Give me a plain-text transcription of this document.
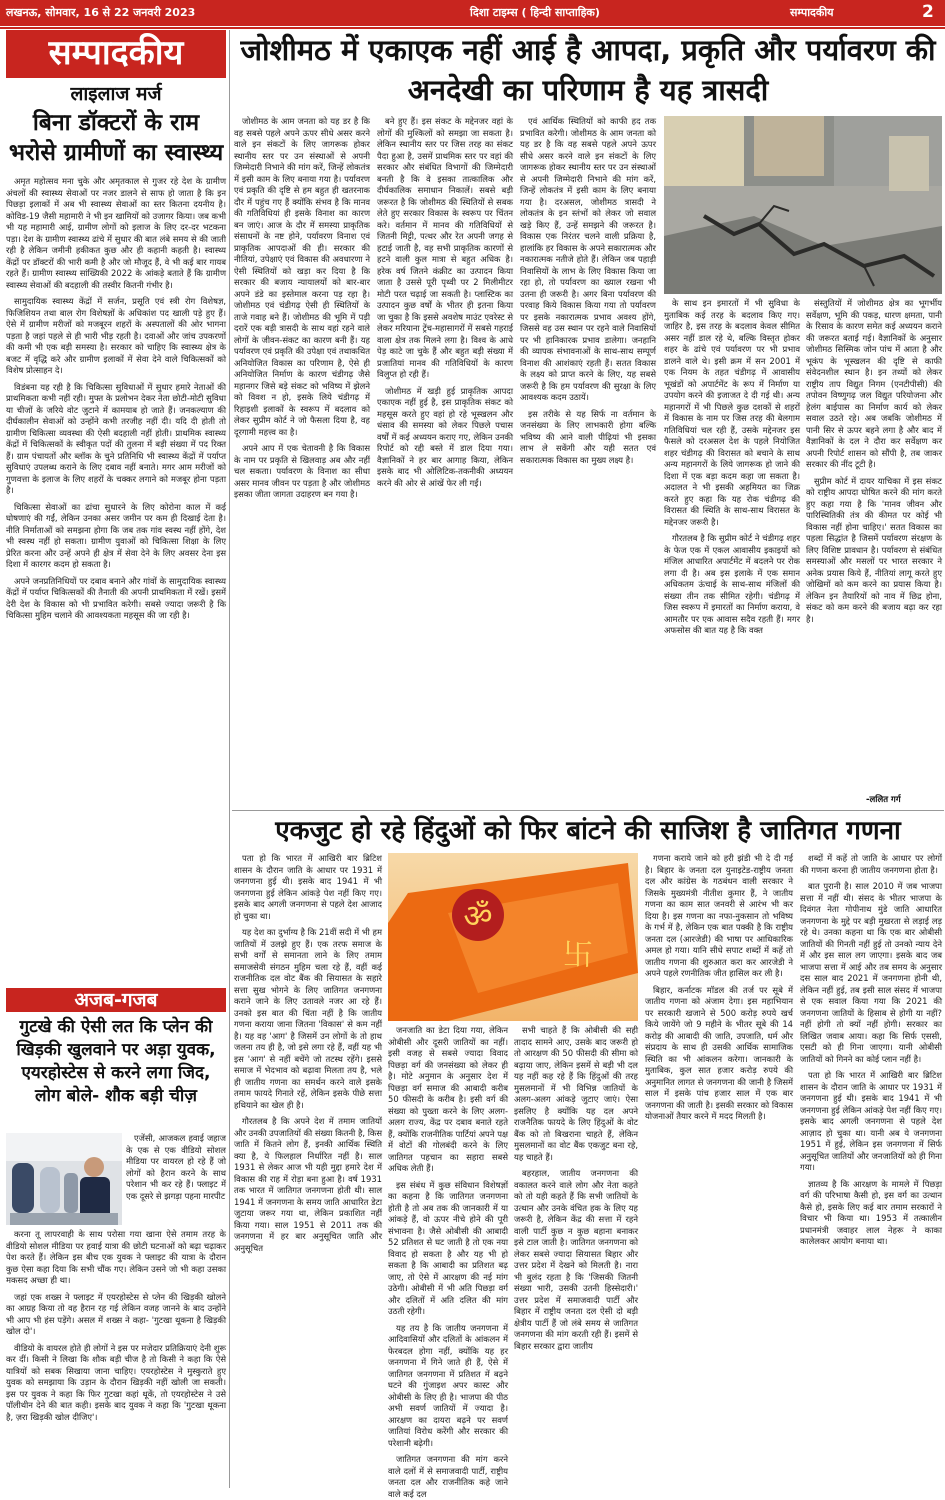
लखनऊ, सोमवार, 16 से 22 जनवरी 2023	दिशा टाइम्स ( हिन्दी साप्ताहिक)	सम्पादकीय	2
सम्पादकीय
लाइलाज मर्ज
बिना डॉक्टरों के राम भरोसे ग्रामीणों का स्वास्थ्य

अमृत महोत्सव मना चुके और अमृतकाल से गुजर रहे देश के ग्रामीण अंचलों की स्वास्थ्य सेवाओं पर नजर डालने से साफ हो जाता है कि इन पिछड़ा इलाकों में अब भी स्वास्थ्य सेवाओं का स्तर कितना दयनीय है। कोविड-19 जैसी महामारी ने भी इन खामियों को उजागर किया। जब कभी भी यह महामारी आई, ग्रामीण लोगों को इलाज के लिए दर-दर भटकना पड़ा। देश के ग्रामीण स्वास्थ्य ढांचे में सुधार की बात लंबे समय से की जाती रही है लेकिन जमीनी हकीकत कुछ और ही कहानी कहती है। स्वास्थ्य केंद्रों पर डॉक्टरों की भारी कमी है और जो मौजूद हैं, वे भी कई बार गायब रहते हैं। ग्रामीण स्वास्थ्य सांख्यिकी 2022 के आंकड़े बताते हैं कि ग्रामीण स्वास्थ्य सेवाओं की बदहाली की तस्वीर कितनी गंभीर है।

सामुदायिक स्वास्थ्य केंद्रों में सर्जन, प्रसूति एवं स्त्री रोग विशेषज्ञ, फिजिशियन तथा बाल रोग विशेषज्ञों के अधिकांश पद खाली पड़े हुए हैं। ऐसे में ग्रामीण मरीजों को मजबूरन शहरों के अस्पतालों की ओर भागना पड़ता है जहां पहले से ही भारी भीड़ रहती है। दवाओं और जांच उपकरणों की कमी भी एक बड़ी समस्या है। सरकार को चाहिए कि स्वास्थ्य क्षेत्र के बजट में वृद्धि करे और ग्रामीण इलाकों में सेवा देने वाले चिकित्सकों को विशेष प्रोत्साहन दे।

विडंबना यह रही है कि चिकित्सा सुविधाओं में सुधार हमारे नेताओं की प्राथमिकता कभी नहीं रही। मुफ्त के प्रलोभन देकर नेता छोटी-मोटी सुविधा या चीजों के जरिये वोट जुटाने में कामयाब हो जाते हैं। जनकल्याण की दीर्घकालीन सेवाओं को उन्होंने कभी तरजीह नहीं दी। यदि दी होती तो ग्रामीण चिकित्सा व्यवस्था की ऐसी बदहाली नहीं होती। प्राथमिक स्वास्थ्य केंद्रों में चिकित्सकों के स्वीकृत पदों की तुलना में बड़ी संख्या में पद रिक्त हैं। ग्राम पंचायतों और ब्लॉक के चुने प्रतिनिधि भी स्वास्थ्य केंद्रों में पर्याप्त सुविधाएं उपलब्ध कराने के लिए दबाव नहीं बनाते। मगर आम मरीजों को गुणवत्ता के इलाज के लिए शहरों के चक्कर लगाने को मजबूर होना पड़ता है।

चिकित्सा सेवाओं का ढांचा सुधारने के लिए कोरोना काल में कई घोषणाएं की गईं, लेकिन उनका असर जमीन पर कम ही दिखाई देता है। नीति निर्माताओं को समझना होगा कि जब तक गांव स्वस्थ नहीं होंगे, देश भी स्वस्थ नहीं हो सकता। ग्रामीण युवाओं को चिकित्सा शिक्षा के लिए प्रेरित करना और उन्हें अपने ही क्षेत्र में सेवा देने के लिए अवसर देना इस दिशा में कारगर कदम हो सकता है।

अपने जनप्रतिनिधियों पर दबाव बनाने और गांवों के सामुदायिक स्वास्थ्य केंद्रों में पर्याप्त चिकित्सकों की तैनाती की अपनी प्राथमिकता में रखें। इसमें देरी देश के विकास को भी प्रभावित करेगी। सबसे ज्यादा जरूरी है कि चिकित्सा मुहिम चलाने की आवश्यकता महसूस की जा रही है।

अजब-गजब
गुटखे की ऐसी लत कि प्लेन की खिड़की खुलवाने पर अड़ा युवक, एयरहोस्टेस से करने लगा जिद, लोग बोले- शौक बड़ी चीज़

एजेंसी, आजकल हवाई जहाज के एक से एक वीडियो सोशल मीडिया पर वायरल हो रहे हैं जो लोगों को हैरान करने के साथ परेशान भी कर रहे हैं। फ्लाइट में एक दूसरे से झगड़ा पहना मारपीट

करना तू लापरवाही के साथ परोसा गया खाना ऐसे तमाम तरह के वीडियो सोशल मीडिया पर हवाई यात्रा की छोटी घटनाओं को बढ़ा चढ़ाकर पेश करते हैं। लेकिन इस बीच एक युवक ने फ्लाइट की यात्रा के दौरान कुछ ऐसा कहा दिया कि सभी चौंक गए। लेकिन उसने जो भी कहा उसका मकसद अच्छा ही था।

जहां एक शख्स ने फ्लाइट में एयरहोस्टेस से प्लेन की खिड़की खोलने का आग्रह किया तो वह हैरान रह गई लेकिन वजह जानने के बाद उन्होंने भी आप भी हंस पड़ेंगे। असल में शख्स ने कहा- 'गुटखा थूकना है खिड़की खोल दो'।

वीडियो के वायरल होते ही लोगों ने इस पर मजेदार प्रतिक्रियाएं देनी शुरू कर दीं। किसी ने लिखा कि शौक बड़ी चीज है तो किसी ने कहा कि ऐसे यात्रियों को सबक सिखाया जाना चाहिए। एयरहोस्टेस ने मुस्कुराते हुए युवक को समझाया कि उड़ान के दौरान खिड़की नहीं खोली जा सकती। इस पर युवक ने कहा कि फिर गुटखा कहां थूकें, तो एयरहोस्टेस ने उसे पॉलीथीन देने की बात कही। इसके बाद युवक ने कहा कि 'गुटखा थूकना है, ज़रा खिड़की खोल दीजिए'।

जोशीमठ में एकाएक नहीं आई है आपदा, प्रकृति और पर्यावरण की अनदेखी का परिणाम है यह त्रासदी

जोशीमठ के आम जनता को यह डर है कि वह सबसे पहले अपने ऊपर सीधे असर करने वाले इन संकटों के लिए जागरूक होकर स्थानीय स्तर पर उन संस्थाओं से अपनी जिम्मेदारी निभाने की मांग करें, जिन्हें लोकतंत्र में इसी काम के लिए बनाया गया है। पर्यावरण एवं प्रकृति की दृष्टि से हम बहुत ही खतरनाक दौर में पहुंच गए हैं क्योंकि संभव है कि मानव की गतिविधियां ही इसके विनाश का कारण बन जाएं। आज के दौर में समस्या प्राकृतिक संसाधनों के नष्ट होने, पर्यावरण विनाश एवं प्राकृतिक आपदाओं की ही। सरकार की नीतियां, उपेक्षाएं एवं विकास की अवधारणा ने ऐसी स्थितियों को खड़ा कर दिया है कि सरकार की बजाय न्यायालयों को बार-बार अपने डंडे का इस्तेमाल करना पड़ रहा है। जोशीमठ एवं चंडीगढ़ ऐसी ही स्थितियों के ताजे गवाह बने हैं। जोशीमठ की भूमि में पड़ी दरारें एक बड़ी त्रासदी के साथ वहां रहने वाले लोगों के जीवन-संकट का कारण बनी हैं। यह पर्यावरण एवं प्रकृति की उपेक्षा एवं तथाकथित अनियोजित विकास का परिणाम है, ऐसे ही अनियोजित निर्माण के कारण चंडीगढ़ जैसे महानगर जिसे बड़े संकट को भविष्य में झेलने को विवश न हो, इसके लिये चंडीगढ़ में रिहाइशी इलाकों के स्वरूप में बदलाव को लेकर सुप्रीम कोर्ट ने जो फैसला दिया है, वह दूरगामी महत्त्व का है।

अपने आप में एक चेतावनी है कि विकास के नाम पर प्रकृति से खिलवाड़ अब और नहीं चल सकता। पर्यावरण के विनाश का सीधा असर मानव जीवन पर पड़ता है और जोशीमठ इसका जीता जागता उदाहरण बन गया है।

बने हुए हैं। इस संकट के मद्देनजर वहां के लोगों की मुश्किलों को समझा जा सकता है। लेकिन स्थानीय स्तर पर जिस तरह का संकट पैदा हुआ है, उसमें प्राथमिक स्तर पर वहां की सरकार और संबंधित विभागों की जिम्मेदारी बनती है कि वे इसका तात्कालिक और दीर्घकालिक समाधान निकालें। सबसे बड़ी जरूरत है कि जोशीमठ की स्थितियों से सबक लेते हुए सरकार विकास के स्वरूप पर चिंतन करे। वर्तमान में मानव की गतिविधियों से जितनी मिट्टी, पत्थर और रेत अपनी जगह से हटाई जाती है, वह सभी प्राकृतिक कारणों से हटने वाली कुल मात्रा से बहुत अधिक है। हरेक वर्ष जितने कंक्रीट का उत्पादन किया जाता है उससे पूरी पृथ्वी पर 2 मिलीमीटर मोटी परत चढ़ाई जा सकती है। प्लास्टिक का उत्पादन कुछ वर्षों के भीतर ही इतना किया जा चुका है कि इससे अवशेष माउंट एवरेस्ट से लेकर मरियाना ट्रेंच-महासागरों में सबसे गहराई वाला क्षेत्र तक मिलने लगा है। विश्व के आधे पेड़ काटे जा चुके हैं और बहुत बड़ी संख्या में प्रजातियां मानव की गतिविधियों के कारण विलुप्त हो रही हैं।

जोशीमठ में खड़ी हुई प्राकृतिक आपदा एकाएक नहीं हुई है, इस प्राकृतिक संकट को महसूस करते हुए वहां हो रहे भूस्खलन और धंसाव की समस्या को लेकर पिछले पचास वर्षों में कई अध्ययन कराए गए, लेकिन उनकी रिपोर्ट को रद्दी बस्ते में डाल दिया गया। वैज्ञानिकों ने हर बार आगाह किया, लेकिन इसके बाद भी ओलिटिक-तकनीकी अध्ययन करने की ओर से आंखें फेर ली गईं।

एवं आर्थिक स्थितियों को काफी हद तक प्रभावित करेगी। जोशीमठ के आम जनता को यह डर है कि वह सबसे पहले अपने ऊपर सीधे असर करने वाले इन संकटों के लिए जागरूक होकर स्थानीय स्तर पर उन संस्थाओं से अपनी जिम्मेदारी निभाने की मांग करें, जिन्हें लोकतंत्र में इसी काम के लिए बनाया गया है। दरअसल, जोशीमठ त्रासदी ने लोकतंत्र के इन स्तंभों को लेकर जो सवाल खड़े किए हैं, उन्हें समझने की जरूरत है। विकास एक निरंतर चलने वाली प्रक्रिया है, हालांकि हर विकास के अपने सकारात्मक और नकारात्मक नतीजे होते हैं। लेकिन जब पहाड़ी निवासियों के लाभ के लिए विकास किया जा रहा हो, तो पर्यावरण का ख्याल रखना भी उतना ही जरूरी है। अगर बिना पर्यावरण की परवाह किये विकास किया गया तो पर्यावरण पर इसके नकारात्मक प्रभाव अवश्य होंगे, जिससे वह उस स्थान पर रहने वाले निवासियों पर भी हानिकारक प्रभाव डालेगा। जनहानि की व्यापक संभावनाओं के साथ-साथ सम्पूर्ण विनाश की आशंकाएं रहती हैं। सतत विकास के लक्ष्य को प्राप्त करने के लिए, यह सबसे जरूरी है कि हम पर्यावरण की सुरक्षा के लिए आवश्यक कदम उठायें।

इस तरीके से यह सिर्फ ना वर्तमान के जनसंख्या के लिए लाभकारी होगा बल्कि भविष्य की आने वाली पीढ़ियां भी इसका लाभ ले सकेंगी और यही सतत एवं सकारात्मक विकास का मुख्य लक्ष्य है।

के साथ इन इमारतों में भी सुविधा के मुताबिक कई तरह के बदलाव किए गए। जाहिर है, इस तरह के बदलाव केवल सीमित असर नहीं डाल रहे थे, बल्कि विस्तृत होकर शहर के ढांचे एवं पर्यावरण पर भी प्रभाव डालने वाले थे। इसी क्रम में सन 2001 में एक नियम के तहत चंडीगढ़ में आवासीय भूखंडों को अपार्टमेंट के रूप में निर्माण या उपयोग करने की इजाजत दे दी गई थी। अन्य महानगरों में भी पिछले कुछ दशकों से शहरों में विकास के नाम पर जिस तरह की बेलगाम गतिविधियां चल रही हैं, उसके मद्देनजर इस फैसले को दरअसल देश के पहले नियोजित शहर चंडीगढ़ की विरासत को बचाने के साथ अन्य महानगरों के लिये जागरूक हो जाने की दिशा में एक बड़ा कदम कहा जा सकता है। अदालत ने भी इसकी अहमियत का जिक्र करते हुए कहा कि यह रोक चंडीगढ़ की विरासत की स्थिति के साथ-साथ विरासत के मद्देनजर जरूरी है।

गौरतलब है कि सुप्रीम कोर्ट ने चंडीगढ़ शहर के फेज एक में एकल आवासीय इकाइयों को मंजिल आधारित अपार्टमेंट में बदलने पर रोक लगा दी है। अब इस इलाके में एक समान अधिकतम ऊंचाई के साथ-साथ मंजिलों की संख्या तीन तक सीमित रहेगी। चंडीगढ़ में जिस स्वरूप में इमारतों का निर्माण कराया, वे आमतौर पर एक आवास सदैव रहती हैं। मगर अफसोस की बात यह है कि वक्त

संस्तुतियों में जोशीमठ क्षेत्र का भूगर्भीय सर्वेक्षण, भूमि की पकड़, धारण क्षमता, पानी के रिसाव के कारण समेत कई अध्ययन कराने की जरूरत बताई गई। वैज्ञानिकों के अनुसार जोशीमठ सिस्मिक जोन पांच में आता है और भूकंप के भूस्खलन की दृष्टि से काफी संवेदनशील स्थान है। इन तथ्यों को लेकर राष्ट्रीय ताप विद्युत निगम (एनटीपीसी) की तपोवन विष्णुगढ़ जल विद्युत परियोजना और हेलंग बाईपास का निर्माण कार्य को लेकर सवाल उठते रहे। अब जबकि जोशीमठ में पानी सिर से ऊपर बहने लगा है और बाद में वैज्ञानिकों के दल ने दौरा कर सर्वेक्षण कर अपनी रिपोर्ट शासन को सौंपी है, तब जाकर सरकार की नींद टूटी है।

सुप्रीम कोर्ट में दायर याचिका में इस संकट को राष्ट्रीय आपदा घोषित करने की मांग करते हुए कहा गया है कि 'मानव जीवन और पारिस्थितिकी तंत्र की कीमत पर कोई भी विकास नहीं होना चाहिए।' सतत विकास का पहला सिद्धांत है जिसमें पर्यावरण संरक्षण के लिए विशिष्ट प्रावधान है। पर्यावरण से संबंधित समस्याओं और मसलों पर भारत सरकार ने अनेक प्रयास किये हैं, नीतियां लागू करते हुए जोखिमों को कम करने का प्रयास किया है। लेकिन इन तैयारियों को नाव में छिद्र होना, संकट को कम करने की बजाय बढ़ा कर रहा है।

-ललित गर्ग
एकजुट हो रहे हिंदुओं को फिर बांटने की साजिश है जातिगत गणना

पता हो कि भारत में आखिरी बार ब्रिटिश शासन के दौरान जाति के आधार पर 1931 में जनगणना हुई थी। इसके बाद 1941 में भी जनगणना हुई लेकिन आंकड़े पेश नहीं किए गए। इसके बाद अगली जनगणना से पहले देश आजाद हो चुका था।

यह देश का दुर्भाग्य है कि 21वीं सदी में भी हम जातियों में उलझे हुए हैं। एक तरफ समाज के सभी वर्गों से समानता लाने के लिए तमाम समाजसेवी संगठन मुहिम चला रहे हैं, वहीं कई राजनीतिक दल वोट बैंक की सियासत के सहारे सत्ता सुख भोगने के लिए जातिगत जनगणना कराने जाने के लिए उतावले नजर आ रहे हैं। उनको इस बात की चिंता नहीं है कि जातीय गणना कराया जाना जितना 'विकास' से कम नहीं है। यह वह 'आग' है जिसमें उन लोगों के तो हाथ जलना तय ही है, जो इसे लगा रहे हैं, वहीं यह भी इस 'आग' से नहीं बचेंगे जो तटस्थ रहेंगे। इससे समाज में भेदभाव को बढ़ावा मिलता तय है, भले ही जातीय गणना का समर्थन करने वाले इसके तमाम फायदे गिनाते रहें, लेकिन इसके पीछे सत्ता हथियाने का खेल ही है।

गौरतलब है कि अपने देश में तमाम जातियों और उनकी उपजातियों की संख्या कितनी है, किस जाति में कितने लोग हैं, इनकी आर्थिक स्थिति क्या है, ये फिलहाल निर्धारित नहीं है। साल 1931 से लेकर आज भी यही मुद्दा हमारे देश में विकास की राह में रोड़ा बना हुआ है। वर्ष 1931 तक भारत में जातिगत जनगणना होती थी। साल 1941 में जनगणना के समय जाति आधारित डेटा जुटाया जरूर गया था, लेकिन प्रकाशित नहीं किया गया। साल 1951 से 2011 तक की जनगणना में हर बार अनुसूचित जाति और अनुसूचित

ॐ
卐

जनजाति का डेटा दिया गया, लेकिन ओबीसी और दूसरी जातियों का नहीं। इसी वजह से सबसे ज्यादा विवाद पिछड़ा वर्ग की जनसंख्या को लेकर ही है। मोटे अनुमान के अनुसार देश में पिछड़ा वर्ग समाज की आबादी करीब 50 फीसदी के करीब है। इसी वर्ग की संख्या को पुख्ता करने के लिए अलग-अलग राज्य, केंद्र पर दबाव बनाते रहते हैं, क्योंकि राजनीतिक पार्टियां अपने पक्ष में वोटों की गोलबंदी करने के लिए जातिगत पहचान का सहारा सबसे अधिक लेती हैं।

इस संबंध में कुछ संविधान विशेषज्ञों का कहना है कि जातिगत जनगणना होती है तो अब तक की जानकारी में या आंकड़े हैं, वो ऊपर नीचे होने की पूरी संभावना है। जैसे ओबीसी की आबादी 52 प्रतिशत से घट जाती है तो एक नया विवाद हो सकता है और यह भी हो सकता है कि आबादी का प्रतिशत बढ़ जाए, तो ऐसे में आरक्षण की नई मांग उठेगी। ओबीसी में भी अति पिछड़ा वर्ग और दलितों में अति दलित की मांग उठती रहेगी।

यह तय है कि जातीय जनगणना में आदिवासियों और दलितों के आंकलन में फेरबदल होगा नहीं, क्योंकि यह हर जनगणना में गिने जाते ही हैं, ऐसे में जातिगत जनगणना में प्रतिशत में बढ़ने घटने की गुंजाइश अपर कास्ट और ओबीसी के लिए ही है। भाजपा की पीठ अभी सवर्ण जातियों में ज्यादा है। आरक्षण का दायरा बढ़ने पर सवर्ण जातियां विरोध करेंगी और सरकार की परेशानी बढ़ेगी।

जातिगत जनगणना की मांग करने वाले दलों में से समाजवादी पार्टी, राष्ट्रीय जनता दल और राजनीतिक कहे जाने वाले कई दल

सभी चाहते हैं कि ओबीसी की सही तादाद सामने आए, उसके बाद जरूरी हो तो आरक्षण की 50 फीसदी की सीमा को बढ़ाया जाए, लेकिन इसमें से बड़ी भी दल यह नहीं कह रहे हैं कि हिंदुओं की तरह मुसलमानों में भी विभिन्न जातियों के अलग-अलग आंकड़े जुटाए जाएं। ऐसा इसलिए है क्योंकि यह दल अपने राजनैतिक फायदे के लिए हिंदुओं के वोट बैंक को तो बिखराना चाहते हैं, लेकिन मुसलमानों का वोट बैंक एकजुट बना रहे, यह चाहते हैं।

बहरहाल, जातीय जनगणना की वकालत करने वाले लोग और नेता कहते को तो यही कहते हैं कि सभी जातियों के उत्थान और उनके वंचित हक के लिए यह जरूरी है, लेकिन केंद्र की सत्ता में रहने वाली पार्टी कुछ न कुछ बहाना बनाकर इसे टाल जाती है। जातिगत जनगणना को लेकर सबसे ज्यादा सियासत बिहार और उत्तर प्रदेश में देखने को मिलती है। नारा भी बुलंद रहता है कि 'जिसकी जितनी संख्या भारी, उसकी उतनी हिस्सेदारी।' उत्तर प्रदेश में समाजवादी पार्टी और बिहार में राष्ट्रीय जनता दल ऐसी दो बड़ी क्षेत्रीय पार्टी हैं जो लंबे समय से जातिगत जनगणना की मांग करती रही हैं। इसमें से बिहार सरकार द्वारा जातीय

गणना कराये जाने को हरी झंडी भी दे दी गई है। बिहार के जनता दल युनाइटेड-राष्ट्रीय जनता दल और कांग्रेस के गठबंधन वाली सरकार ने जिसके मुख्यमंत्री नीतीश कुमार हैं, ने जातीय गणना का काम सात जनवरी से आरंभ भी कर दिया है। इस गणना का नफा-नुकसान तो भविष्य के गर्भ में है, लेकिन एक बात पक्की है कि राष्ट्रीय जनता दल (आरजेडी) की भाषा पर आधिकारिक अमल हो गया। यानि सीधे सपाट शब्दों में कहें तो जातीय गणना की शुरुआत करा कर आरजेडी ने अपने पहले रणनीतिक जीत हासिल कर ली है।

बिहार, कर्नाटक मॉडल की तर्ज पर सूबे में जातीय गणना को अंजाम देगा। इस महाभियान पर सरकारी खजाने से 500 करोड़ रुपये खर्च किये जायेंगे जो 9 महीने के भीतर सूबे की 14 करोड़ की आबादी की जाति, उपजाति, धर्म और संप्रदाय के साथ ही उसकी आर्थिक सामाजिक स्थिति का भी आंकलन करेगा। जानकारी के मुताबिक, कुल सात हजार करोड़ रुपये की अनुमानित लागत से जनगणना की जानी है जिसमें साल में इसके पांच हजार साल में एक बार जनगणना की जाती है। इसकी सरकार को विकास योजनाओं तैयार करने में मदद मिलती है।

शब्दों में कहें तो जाति के आधार पर लोगों की गणना करना ही जातीय जनगणना होता है।

बात पुरानी है। साल 2010 में जब भाजपा सत्ता में नहीं थी। संसद के भीतर भाजपा के दिवंगत नेता गोपीनाथ मुंडे जाति आधारित जनगणना के मुद्दे पर बड़ी मुखरता से लड़ाई लड़ रहे थे। उनका कहना था कि एक बार ओबीसी जातियों की गिनती नहीं हुई तो उनको न्याय देने में और इस साल लग जाएगा। इसके बाद जब भाजपा सत्ता में आई और तब समय के अनुसार दस साल बाद 2021 में जनगणना होनी थी, लेकिन नहीं हुई, तब इसी साल संसद में भाजपा से एक सवाल किया गया कि 2021 की जनगणना जातियों के हिसाब से होगी या नहीं? नहीं होगी तो क्यों नहीं होगी। सरकार का लिखित जवाब आया। कहा कि सिर्फ एससी, एसटी को ही गिना जाएगा। यानी ओबीसी जातियों को गिनने का कोई प्लान नहीं है।

पता हो कि भारत में आखिरी बार ब्रिटिश शासन के दौरान जाति के आधार पर 1931 में जनगणना हुई थी। इसके बाद 1941 में भी जनगणना हुई लेकिन आंकड़े पेश नहीं किए गए। इसके बाद अगली जनगणना से पहले देश आज़ाद हो चुका था। यानी अब ये जनगणना 1951 में हुई, लेकिन इस जनगणना में सिर्फ अनुसूचित जातियों और जनजातियों को ही गिना गया।

ज्ञातव्य है कि आरक्षण के मामले में पिछड़ा वर्ग की परिभाषा कैसी हो, इस वर्ग का उत्थान कैसे हो, इसके लिए कई बार तमाम सरकारों ने विचार भी किया था। 1953 में तत्कालीन प्रधानमंत्री जवाहर लाल नेहरू ने काका कालेलकर आयोग बनाया था।
